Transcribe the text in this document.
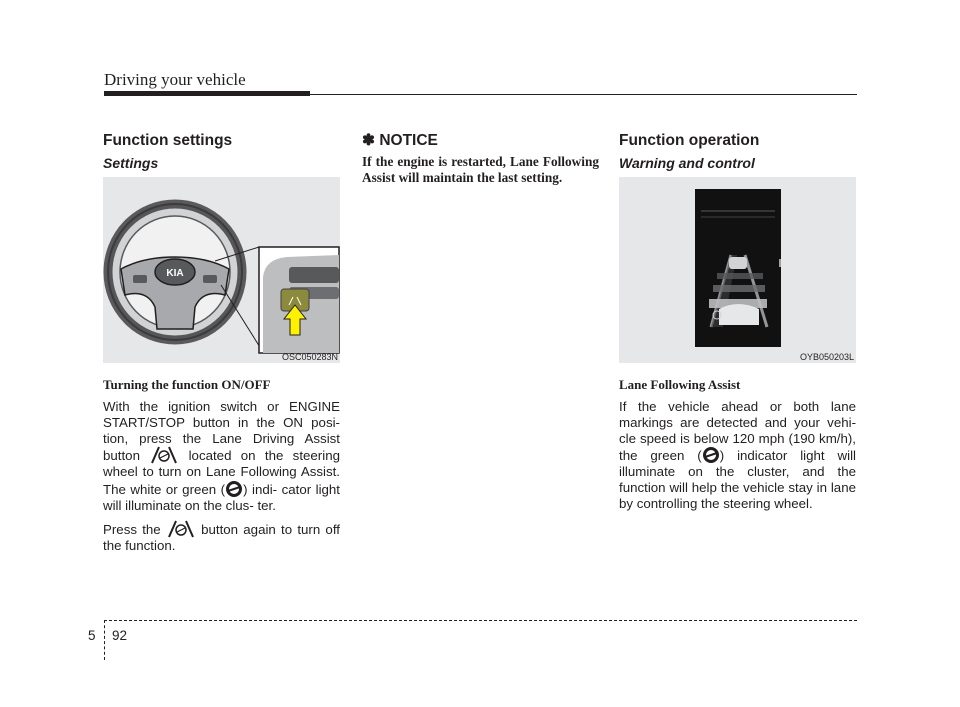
Driving your vehicle
Function settings
Settings
KIA
OSC050283N
Turning the function ON/OFF

With the ignition switch or ENGINE START/STOP button in the ON posi- tion, press the Lane Driving Assist button  located on the steering wheel to turn on Lane Following Assist. The white or green ( ) indi- cator light will illuminate on the clus- ter.

Press the  button again to turn off the function.

✽ NOTICE
If the engine is restarted, Lane Following Assist will maintain the last setting.
Function operation
Warning and control
OYB050203L
Lane Following Assist

If the vehicle ahead or both lane markings are detected and your vehi- cle speed is below 120 mph (190 km/h), the green ( ) indicator light will illuminate on the cluster, and the function will help the vehicle stay in lane by controlling the steering wheel.

5 92
